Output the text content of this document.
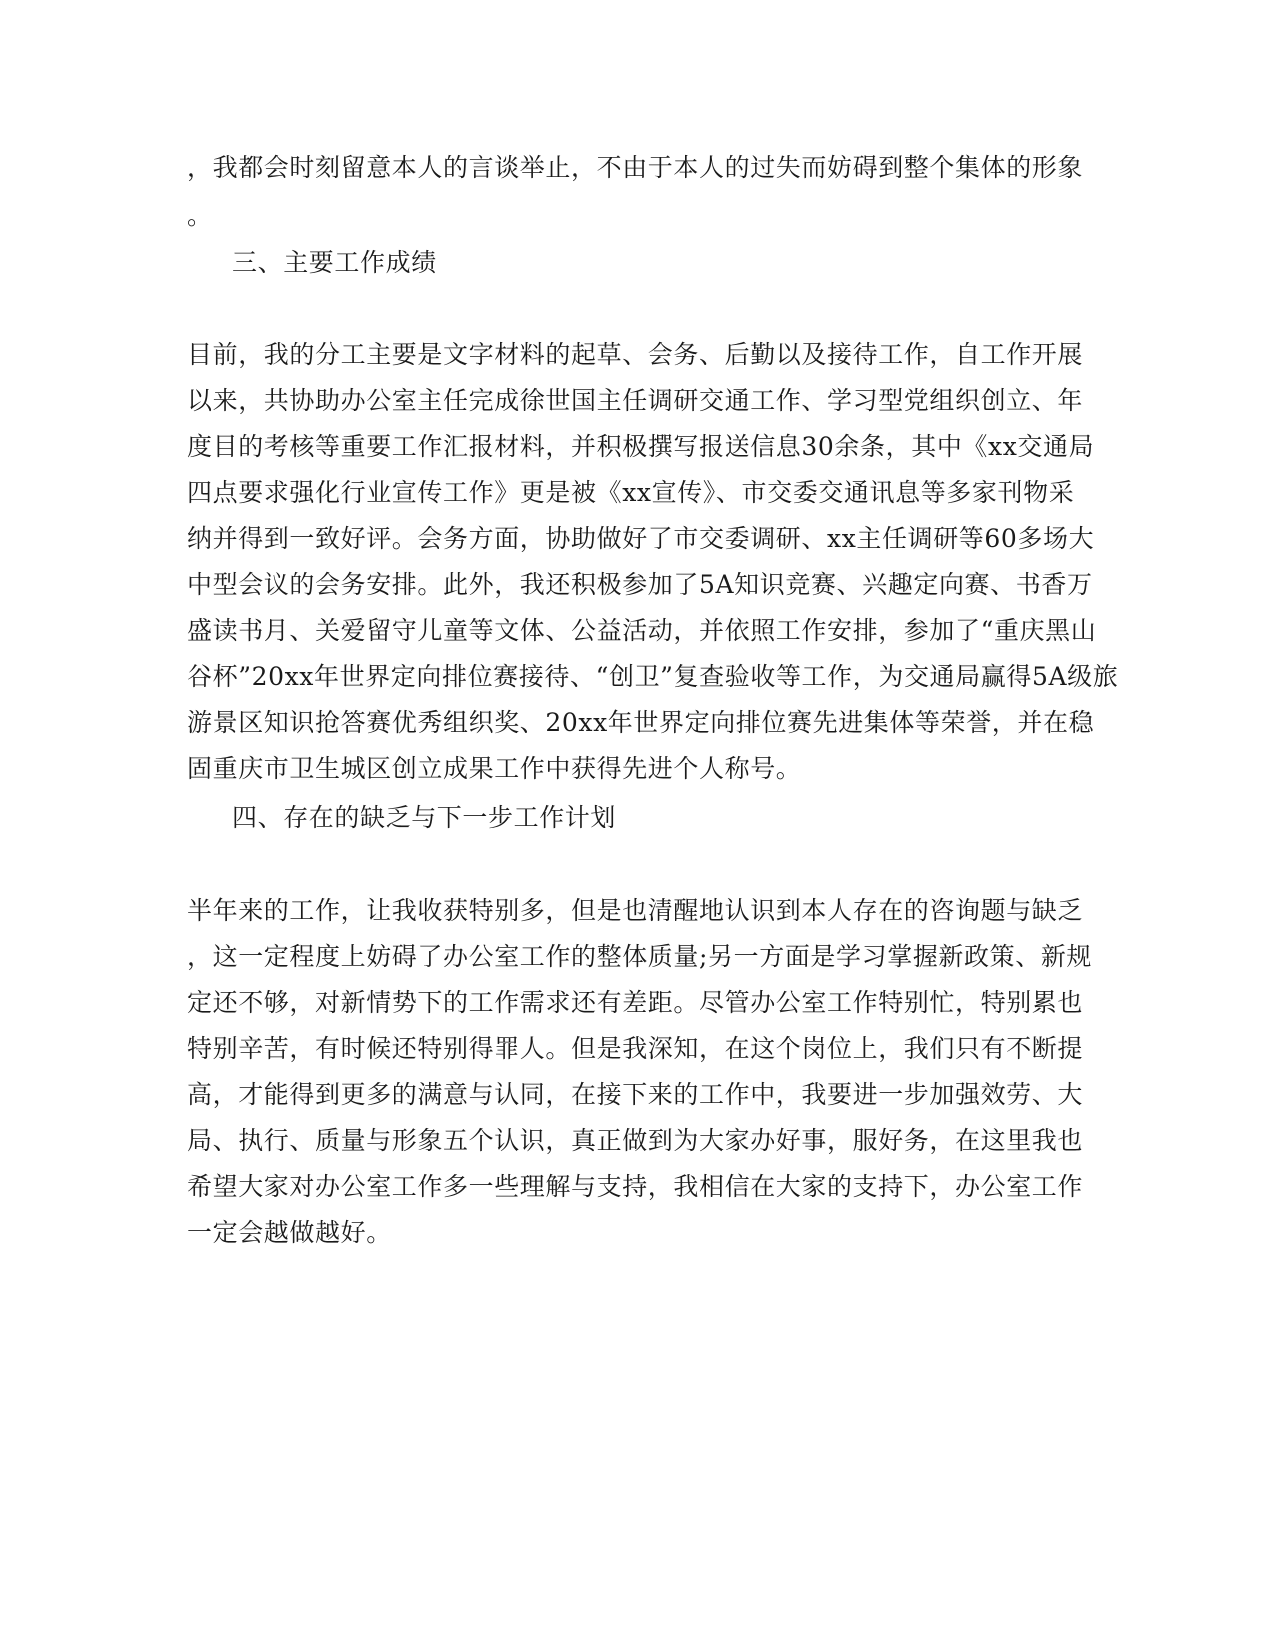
，我都会时刻留意本人的言谈举止，不由于本人的过失而妨碍到整个集体的形象
。
三、主要工作成绩
目前，我的分工主要是文字材料的起草、会务、后勤以及接待工作，自工作开展
以来，共协助办公室主任完成徐世国主任调研交通工作、学习型党组织创立、年
度目的考核等重要工作汇报材料，并积极撰写报送信息30余条，其中《xx交通局
四点要求强化行业宣传工作》更是被《xx宣传》、市交委交通讯息等多家刊物采
纳并得到一致好评。会务方面，协助做好了市交委调研、xx主任调研等60多场大
中型会议的会务安排。此外，我还积极参加了5A知识竞赛、兴趣定向赛、书香万
盛读书月、关爱留守儿童等文体、公益活动，并依照工作安排，参加了“重庆黑山
谷杯”20xx年世界定向排位赛接待、“创卫”复查验收等工作，为交通局赢得5A级旅
游景区知识抢答赛优秀组织奖、20xx年世界定向排位赛先进集体等荣誉，并在稳
固重庆市卫生城区创立成果工作中获得先进个人称号。
四、存在的缺乏与下一步工作计划
半年来的工作，让我收获特别多，但是也清醒地认识到本人存在的咨询题与缺乏
，这一定程度上妨碍了办公室工作的整体质量;另一方面是学习掌握新政策、新规
定还不够，对新情势下的工作需求还有差距。尽管办公室工作特别忙，特别累也
特别辛苦，有时候还特别得罪人。但是我深知，在这个岗位上，我们只有不断提
高，才能得到更多的满意与认同，在接下来的工作中，我要进一步加强效劳、大
局、执行、质量与形象五个认识，真正做到为大家办好事，服好务，在这里我也
希望大家对办公室工作多一些理解与支持，我相信在大家的支持下，办公室工作
一定会越做越好。
